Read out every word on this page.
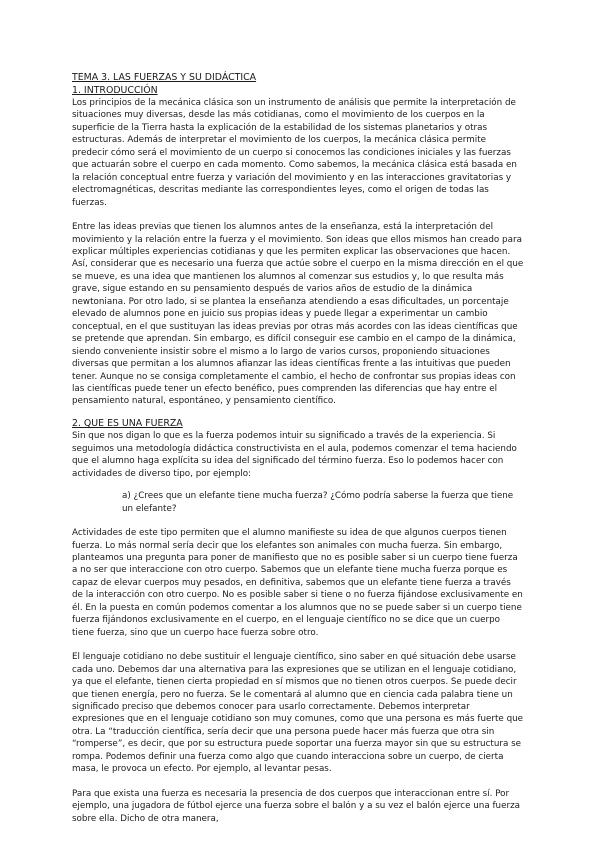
TEMA 3. LAS FUERZAS Y SU DIDÁCTICA

1. INTRODUCCIÓN

Los principios de la mecánica clásica son un instrumento de análisis que permite la interpretación de situaciones muy diversas, desde las más cotidianas, como el movimiento de los cuerpos en la superficie de la Tierra hasta la explicación de la estabilidad de los sistemas planetarios y otras estructuras. Además de interpretar el movimiento de los cuerpos, la mecánica clásica permite predecir cómo será el movimiento de un cuerpo si conocemos las condiciones iniciales y las fuerzas que actuarán sobre el cuerpo en cada momento. Como sabemos, la mecánica clásica está basada en la relación conceptual entre fuerza y variación del movimiento y en las interacciones gravitatorias y electromagnéticas, descritas mediante las correspondientes leyes, como el origen de todas las fuerzas.

Entre las ideas previas que tienen los alumnos antes de la enseñanza, está la interpretación del movimiento y la relación entre la fuerza y el movimiento. Son ideas que ellos mismos han creado para explicar múltiples experiencias cotidianas y que les permiten explicar las observaciones que hacen. Así, considerar que es necesario una fuerza que actúe sobre el cuerpo en la misma dirección en el que se mueve, es una idea que mantienen los alumnos al comenzar sus estudios y, lo que resulta más grave, sigue estando en su pensamiento después de varios años de estudio de la dinámica newtoniana. Por otro lado, si se plantea la enseñanza atendiendo a esas dificultades, un porcentaje elevado de alumnos pone en juicio sus propias ideas y puede llegar a experimentar un cambio conceptual, en el que sustituyan las ideas previas por otras más acordes con las ideas científicas que se pretende que aprendan. Sin embargo, es difícil conseguir ese cambio en el campo de la dinámica, siendo conveniente insistir sobre el mismo a lo largo de varios cursos, proponiendo situaciones diversas que permitan a los alumnos afianzar las ideas científicas frente a las intuitivas que pueden tener. Aunque no se consiga completamente el cambio, el hecho de confrontar sus propias ideas con las científicas puede tener un efecto benéfico, pues comprenden las diferencias que hay entre el pensamiento natural, espontáneo, y pensamiento científico.

2. QUE ES UNA FUERZA

Sin que nos digan lo que es la fuerza podemos intuir su significado a través de la experiencia. Si seguimos una metodología didáctica constructivista en el aula, podemos comenzar el tema haciendo que el alumno haga explícita su idea del significado del término fuerza. Eso lo podemos hacer con actividades de diverso tipo, por ejemplo:

a) ¿Crees que un elefante tiene mucha fuerza? ¿Cómo podría saberse la fuerza que tiene un elefante?

Actividades de este tipo permiten que el alumno manifieste su idea de que algunos cuerpos tienen fuerza. Lo más normal sería decir que los elefantes son animales con mucha fuerza. Sin embargo, planteamos una pregunta para poner de manifiesto que no es posible saber si un cuerpo tiene fuerza a no ser que interaccione con otro cuerpo. Sabemos que un elefante tiene mucha fuerza porque es capaz de elevar cuerpos muy pesados, en definitiva, sabemos que un elefante tiene fuerza a través de la interacción con otro cuerpo. No es posible saber si tiene o no fuerza fijándose exclusivamente en él. En la puesta en común podemos comentar a los alumnos que no se puede saber si un cuerpo tiene fuerza fijándonos exclusivamente en el cuerpo, en el lenguaje científico no se dice que un cuerpo tiene fuerza, sino que un cuerpo hace fuerza sobre otro.

El lenguaje cotidiano no debe sustituir el lenguaje científico, sino saber en qué situación debe usarse cada uno. Debemos dar una alternativa para las expresiones que se utilizan en el lenguaje cotidiano, ya que el elefante, tienen cierta propiedad en sí mismos que no tienen otros cuerpos. Se puede decir que tienen energía, pero no fuerza. Se le comentará al alumno que en ciencia cada palabra tiene un significado preciso que debemos conocer para usarlo correctamente. Debemos interpretar expresiones que en el lenguaje cotidiano son muy comunes, como que una persona es más fuerte que otra. La “traducción científica, sería decir que una persona puede hacer más fuerza que otra sin “romperse”, es decir, que por su estructura puede soportar una fuerza mayor sin que su estructura se rompa. Podemos definir una fuerza como algo que cuando interacciona sobre un cuerpo, de cierta masa, le provoca un efecto. Por ejemplo, al levantar pesas.

Para que exista una fuerza es necesaria la presencia de dos cuerpos que interaccionan entre sí. Por ejemplo, una jugadora de fútbol ejerce una fuerza sobre el balón y a su vez el balón ejerce una fuerza sobre ella. Dicho de otra manera,
